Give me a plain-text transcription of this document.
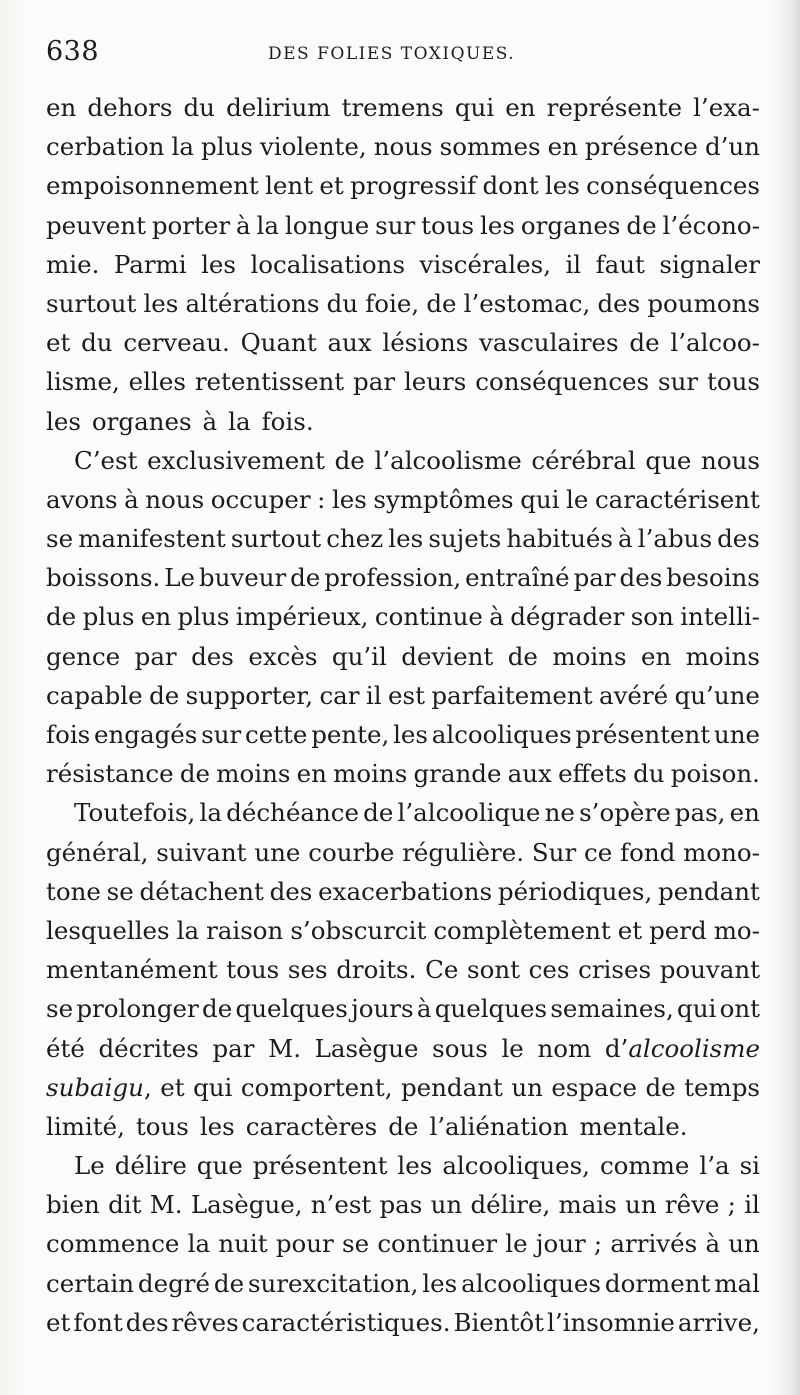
638	DES FOLIES TOXIQUES.
en dehors du delirium tremens qui en représente l’exa-
cerbation la plus violente, nous sommes en présence d’un
empoisonnement lent et progressif dont les conséquences
peuvent porter à la longue sur tous les organes de l’écono-
mie. Parmi les localisations viscérales, il faut signaler
surtout les altérations du foie, de l’estomac, des poumons
et du cerveau. Quant aux lésions vasculaires de l’alcoo-
lisme, elles retentissent par leurs conséquences sur tous
les organes à la fois.
C’est exclusivement de l’alcoolisme cérébral que nous
avons à nous occuper : les symptômes qui le caractérisent
se manifestent surtout chez les sujets habitués à l’abus des
boissons. Le buveur de profession, entraîné par des besoins
de plus en plus impérieux, continue à dégrader son intelli-
gence par des excès qu’il devient de moins en moins
capable de supporter, car il est parfaitement avéré qu’une
fois engagés sur cette pente, les alcooliques présentent une
résistance de moins en moins grande aux effets du poison.
Toutefois, la déchéance de l’alcoolique ne s’opère pas, en
général, suivant une courbe régulière. Sur ce fond mono-
tone se détachent des exacerbations périodiques, pendant
lesquelles la raison s’obscurcit complètement et perd mo-
mentanément tous ses droits. Ce sont ces crises pouvant
se prolonger de quelques jours à quelques semaines, qui ont
été décrites par M. Lasègue sous le nom d’alcoolisme
subaigu, et qui comportent, pendant un espace de temps
limité, tous les caractères de l’aliénation mentale.
Le délire que présentent les alcooliques, comme l’a si
bien dit M. Lasègue, n’est pas un délire, mais un rêve ; il
commence la nuit pour se continuer le jour ; arrivés à un
certain degré de surexcitation, les alcooliques dorment mal
et font des rêves caractéristiques. Bientôt l’insomnie arrive,
